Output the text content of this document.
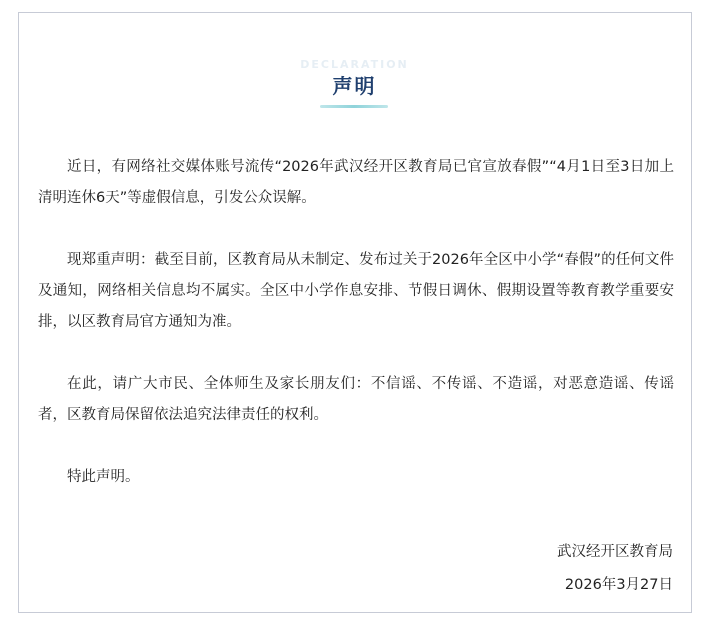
DECLARATION
声明

近日，有网络社交媒体账号流传“2026年武汉经开区教育局已官宣放春假”“4月1日至3日加上清明连休6天”等虚假信息，引发公众误解。

现郑重声明：截至目前，区教育局从未制定、发布过关于2026年全区中小学“春假”的任何文件及通知，网络相关信息均不属实。全区中小学作息安排、节假日调休、假期设置等教育教学重要安排，以区教育局官方通知为准。

在此，请广大市民、全体师生及家长朋友们：不信谣、不传谣、不造谣，对恶意造谣、传谣者，区教育局保留依法追究法律责任的权利。

特此声明。

武汉经开区教育局
2026年3月27日
